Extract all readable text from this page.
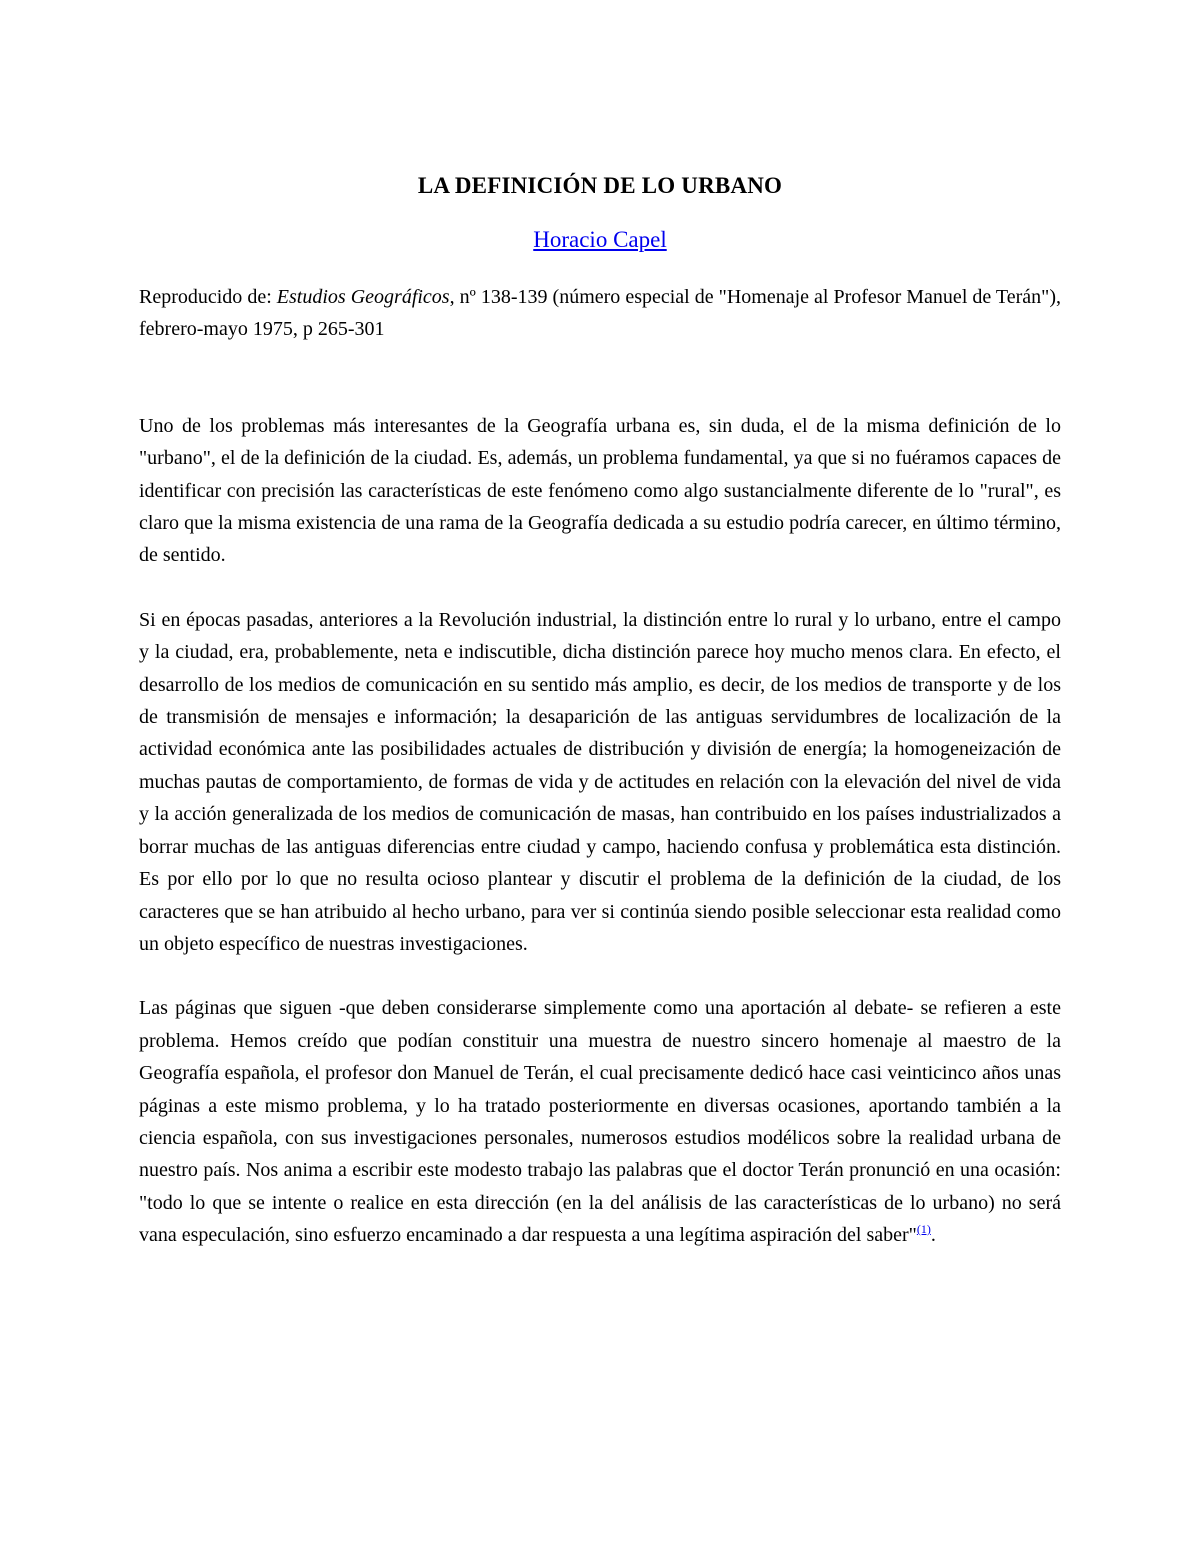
LA DEFINICIÓN DE LO URBANO
Horacio Capel

Reproducido de: Estudios Geográficos, nº 138-139 (número especial de "Homenaje al Profesor Manuel de Terán"), febrero-mayo 1975, p 265-301

Uno de los problemas más interesantes de la Geografía urbana es, sin duda, el de la misma definición de lo "urbano", el de la definición de la ciudad. Es, además, un problema fundamental, ya que si no fuéramos capaces de identificar con precisión las características de este fenómeno como algo sustancialmente diferente de lo "rural", es claro que la misma existencia de una rama de la Geografía dedicada a su estudio podría carecer, en último término, de sentido.

Si en épocas pasadas, anteriores a la Revolución industrial, la distinción entre lo rural y lo urbano, entre el campo y la ciudad, era, probablemente, neta e indiscutible, dicha distinción parece hoy mucho menos clara. En efecto, el desarrollo de los medios de comunicación en su sentido más amplio, es decir, de los medios de transporte y de los de transmisión de mensajes e información; la desaparición de las antiguas servidumbres de localización de la actividad económica ante las posibilidades actuales de distribución y división de energía; la homogeneización de muchas pautas de comportamiento, de formas de vida y de actitudes en relación con la elevación del nivel de vida y la acción generalizada de los medios de comunicación de masas, han contribuido en los países industrializados a borrar muchas de las antiguas diferencias entre ciudad y campo, haciendo confusa y problemática esta distinción. Es por ello por lo que no resulta ocioso plantear y discutir el problema de la definición de la ciudad, de los caracteres que se han atribuido al hecho urbano, para ver si continúa siendo posible seleccionar esta realidad como un objeto específico de nuestras investigaciones.

Las páginas que siguen -que deben considerarse simplemente como una aportación al debate- se refieren a este problema. Hemos creído que podían constituir una muestra de nuestro sincero homenaje al maestro de la Geografía española, el profesor don Manuel de Terán, el cual precisamente dedicó hace casi veinticinco años unas páginas a este mismo problema, y lo ha tratado posteriormente en diversas ocasiones, aportando también a la ciencia española, con sus investigaciones personales, numerosos estudios modélicos sobre la realidad urbana de nuestro país. Nos anima a escribir este modesto trabajo las palabras que el doctor Terán pronunció en una ocasión: "todo lo que se intente o realice en esta dirección (en la del análisis de las características de lo urbano) no será vana especulación, sino esfuerzo encaminado a dar respuesta a una legítima aspiración del saber"$^{(1)}$.
